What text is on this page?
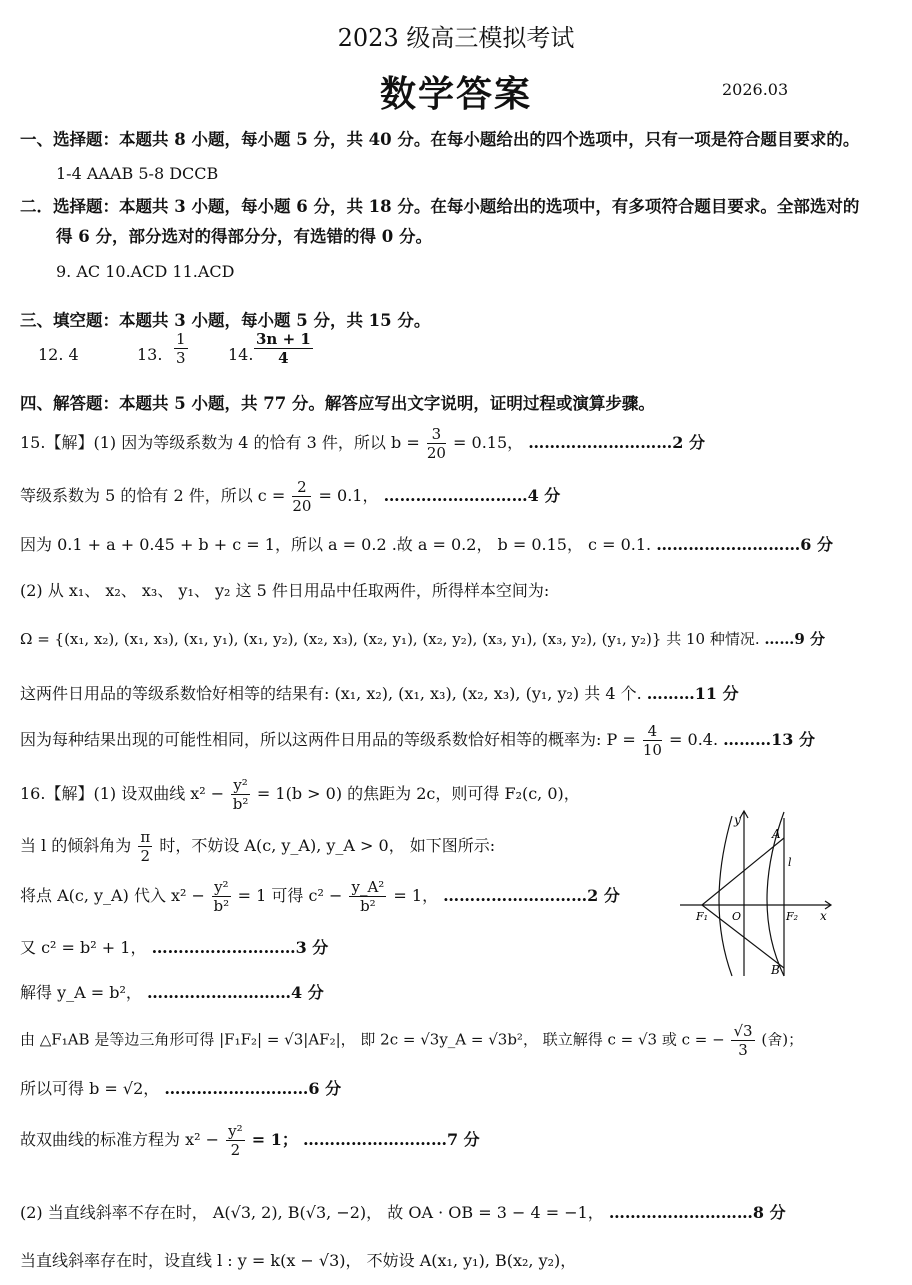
2023 级高三模拟考试
数学答案	2026.03
一、选择题：本题共 8 小题，每小题 5 分，共 40 分。在每小题给出的四个选项中，只有一项是符合题目要求的。
1-4 AAAB 5-8 DCCB
二．选择题：本题共 3 小题，每小题 6 分，共 18 分。在每小题给出的选项中，有多项符合题目要求。全部选对的
得 6 分，部分选对的得部分分，有选错的得 0 分。
9. AC 10.ACD 11.ACD
三、填空题：本题共 3 小题，每小题 5 分，共 15 分。
12. 4	13. $\frac{1}{3}$	14. $\frac{3n + 1}{4}$
四、解答题：本题共 5 小题，共 77 分。解答应写出文字说明，证明过程或演算步骤。
15.【解】(1) 因为等级系数为 4 的恰有 3 件，所以 $b = \frac{3}{20} = 0.15$， ………………………2 分
等级系数为 5 的恰有 2 件，所以 $c = \frac{2}{20} = 0.1$， ………………………4 分
因为 0.1 + a + 0.45 + b + c = 1，所以 a = 0.2 .故 a = 0.2， b = 0.15， c = 0.1. ………………………6 分
(2) 从 x₁、 x₂、 x₃、 y₁、 y₂ 这 5 件日用品中任取两件，所得样本空间为:
Ω = {(x₁, x₂), (x₁, x₃), (x₁, y₁), (x₁, y₂), (x₂, x₃), (x₂, y₁), (x₂, y₂), (x₃, y₁), (x₃, y₂), (y₁, y₂)} 共 10 种情况. ……9 分
这两件日用品的等级系数恰好相等的结果有: (x₁, x₂), (x₁, x₃), (x₂, x₃), (y₁, y₂) 共 4 个. ………11 分
因为每种结果出现的可能性相同，所以这两件日用品的等级系数恰好相等的概率为: $P = \frac{4}{10} = 0.4$. ………13 分
16.【解】(1) 设双曲线 $x^2 - \frac{\text{y²}}{\text{b²}} = 1(b > 0)$ 的焦距为 2c，则可得 F₂(c, 0)，
当 l 的倾斜角为 $\frac{\pi}{2}$ 时，不妨设 A(c, y_A), y_A > 0， 如下图所示:
将点 A(c, y_A) 代入 $x^2 - \frac{\text{y²}}{\text{b²}} = 1$ 可得 $c^2 - \frac{\text{y\_A²}}{\text{b²}} = 1$， ………………………2 分
又 c² = b² + 1， ………………………3 分
解得 y_A = b²， ………………………4 分
由 △F₁AB 是等边三角形可得 |F₁F₂| = √3|AF₂|， 即 2c = √3y_A = √3b²， 联立解得 c = √3 或 c = − $\frac{√3}{3}$ (舍)；
所以可得 b = √2， ………………………6 分
故双曲线的标准方程为 $x^2 - \frac{\text{y²}}{2} = 1$； ………………………7 分
(2) 当直线斜率不存在时， A(√3, 2), B(√3, −2)， 故 OA · OB = 3 − 4 = −1， ………………………8 分
当直线斜率存在时，设直线 l : y = k(x − √3)， 不妨设 A(x₁, y₁), B(x₂, y₂)，
y
x
A
B
l
F₁ O	F₂
